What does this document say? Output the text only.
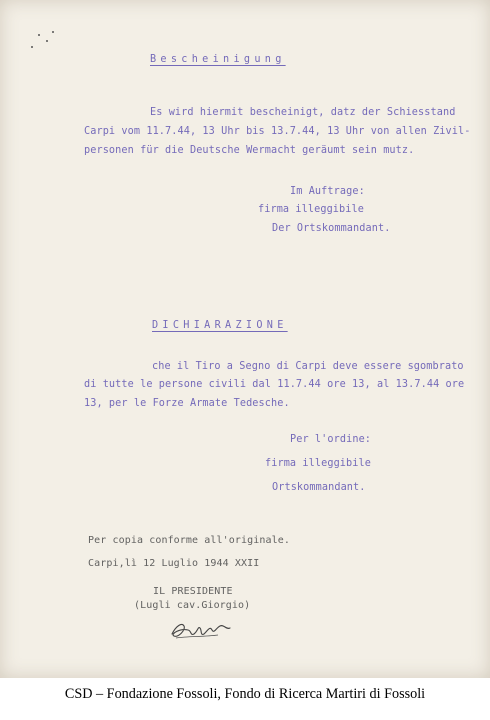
Bescheinigung
Es wird hiermit bescheinigt, datz der Schiesstand
Carpi vom 11.7.44, 13 Uhr bis 13.7.44, 13 Uhr von allen Zivil-
personen für die Deutsche Wermacht geräumt sein mutz.
Im Auftrage:
firma illeggibile
Der Ortskommandant.
DICHIARAZIONE
che il Tiro a Segno di Carpi deve essere sgombrato
di tutte le persone civili dal 11.7.44 ore 13, al 13.7.44 ore
13, per le Forze Armate Tedesche.
Per l'ordine:
firma illeggibile
Ortskommandant.
Per copia conforme all'originale.
Carpi,lì 12 Luglio 1944 XXII
IL PRESIDENTE
(Lugli cav.Giorgio)
CSD – Fondazione Fossoli, Fondo di Ricerca Martiri di Fossoli
